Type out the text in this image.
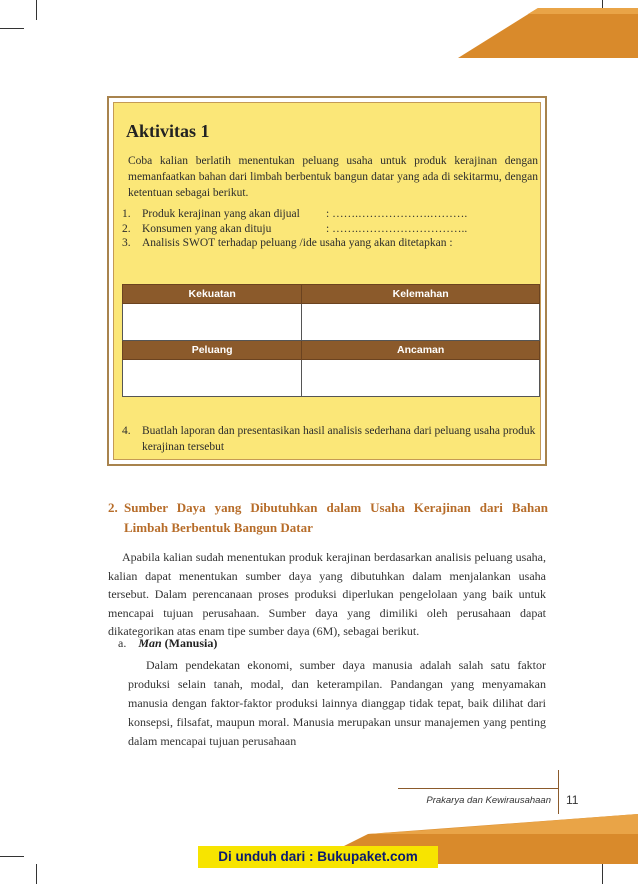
Aktivitas 1
Coba kalian berlatih menentukan peluang usaha untuk produk kerajinan dengan memanfaatkan bahan dari limbah berbentuk bangun datar yang ada di sekitarmu, dengan ketentuan sebagai berikut.
1. Produk kerajinan yang akan dijual	: …….……………….……….
2. Konsumen yang akan dituju	: …….………………………..
3. Analisis SWOT terhadap peluang /ide usaha yang akan ditetapkan :
Kekuatan	Kelemahan

Peluang	Ancaman

4. Buatlah laporan dan presentasikan hasil analisis sederhana dari peluang usaha produk kerajinan tersebut
2. Sumber Daya yang Dibutuhkan dalam Usaha Kerajinan dari Bahan Limbah Berbentuk Bangun Datar
Apabila kalian sudah menentukan produk kerajinan berdasarkan analisis peluang usaha, kalian dapat menentukan sumber daya yang dibutuhkan dalam menjalankan usaha tersebut. Dalam perencanaan proses produksi diperlukan pengelolaan yang baik untuk mencapai tujuan perusahaan. Sumber daya yang dimiliki oleh perusahaan dapat dikategorikan atas enam tipe sumber daya (6M), sebagai berikut.
a. Man (Manusia)
Dalam pendekatan ekonomi, sumber daya manusia adalah salah satu faktor produksi selain tanah, modal, dan keterampilan. Pandangan yang menyamakan manusia dengan faktor-faktor produksi lainnya dianggap tidak tepat, baik dilihat dari konsepsi, filsafat, maupun moral. Manusia merupakan unsur manajemen yang penting dalam mencapai tujuan perusahaan
Prakarya dan Kewirausahaan 11
Di unduh dari : Bukupaket.com
